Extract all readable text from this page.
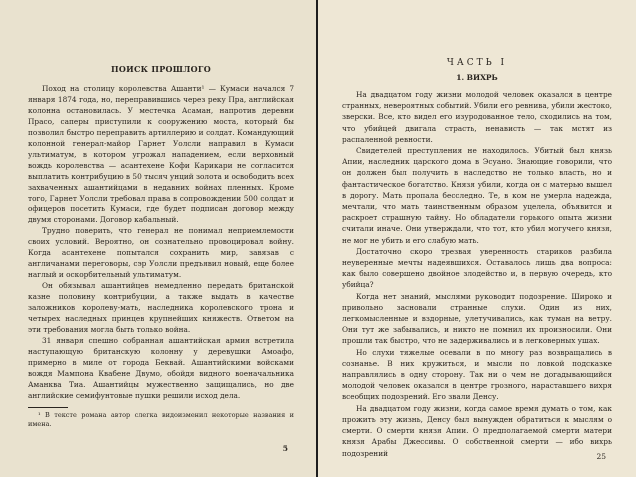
ПОИСК ПРОШЛОГО

Поход на столицу королевства Ашанти¹ — Кумаси начался 7 января 1874 года, но, переправившись через реку Пра, английская колонна остановилась. У местечка Асаман, напротив деревни Прасо, саперы приступили к сооружению моста, который бы позволил быстро переправить артиллерию и солдат. Командующий колонной генерал-майор Гарнет Уолсли направил в Кумаси ультиматум, в котором угрожал нападением, если верховный вождь королевства — асантехене Кофи Карикари не согласится выплатить контрибуцию в 50 тысяч унций золота и освободить всех захваченных ашантийцами в недавних войнах пленных. Кроме того, Гарнет Уолсли требовал права в сопровождении 500 солдат и офицеров посетить Кумаси, где будет подписан договор между двумя сторонами. Договор кабальный.

Трудно поверить, что генерал не понимал неприемлемости своих условий. Вероятно, он сознательно провоцировал войну. Когда асантехене попытался сохранить мир, завязав с англичанами переговоры, сэр Уолсли предъявил новый, еще более наглый и оскорбительный ультиматум.

Он обязывал ашантийцев немедленно передать британской казне половину контрибуции, а также выдать в качестве заложников королеву-мать, наследника королевского трона и четырех наследных принцев крупнейших княжеств. Ответом на эти требования могла быть только война.

31 января спешно собранная ашантийская армия встретила наступающую британскую колонну у деревушки Амоафо, примерно в миле от города Беквай. Ашантийскими войсками вождя Мампона Квабене Двумо, обойдя видного военачальника Аманква Тиа. Ашантийцы мужественно защищались, но две английские семифунтовые пушки решили исход дела.

¹ В тексте романа автор слегка видоизменил некоторые названия и имена.
5
ЧАСТЬ I
1. ВИХРЬ

На двадцатом году жизни молодой человек оказался в центре странных, невероятных событий. Убили его ревнива, убили жестоко, зверски. Все, кто видел его изуродованное тело, сходились на том, что убийцей двигала страсть, ненависть — так мстят из распаленной ревности.

Свидетелей преступления не находилось. Убитый был князь Апии, наследник царского дома в Эсуано. Знающие говорили, что он должен был получить в наследство не только власть, но и фантастическое богатство. Князя убили, когда он с матерью вышел в дорогу. Мать пропала бесследно. Те, в ком не умерла надежда, мечтали, что мать таинственным образом уцелела, объявится и раскроет страшную тайну. Но обладатели горького опыта жизни считали иначе. Они утверждали, что тот, кто убил могучего князя, не мог не убить и его слабую мать.

Достаточно скоро трезвая уверенность стариков разбила неуверенные мечты надеявшихся. Оставалось лишь два вопроса: как было совершено двойное злодейство и, в первую очередь, кто убийца?

Когда нет знаний, мыслями руководит подозрение. Широко и привольно засновали странные слухи. Один из них, легкомысленные и вздорные, улетучивались, как туман на ветру. Они тут же забывались, и никто не помнил их произносили. Они прошли так быстро, что не задерживались и в легковерных ушах.

Но слухи тяжелые осевали в по многу раз возвращались в сознанье. В них кружиться, и мысли по ловкой подсказке направлялись в одну сторону. Так ни о чем не догадывающийся молодой человек оказался в центре грозного, нараставшего вихря всеобщих подозрений. Его звали Денсу.

На двадцатом году жизни, когда самое время думать о том, как прожить эту жизнь, Денсу был вынужден обратиться к мыслям о смерти. О смерти князя Апии. О предполагаемой смерти матери князя Арабы Джессивы. О собственной смерти — ибо вихрь подозрений	25
